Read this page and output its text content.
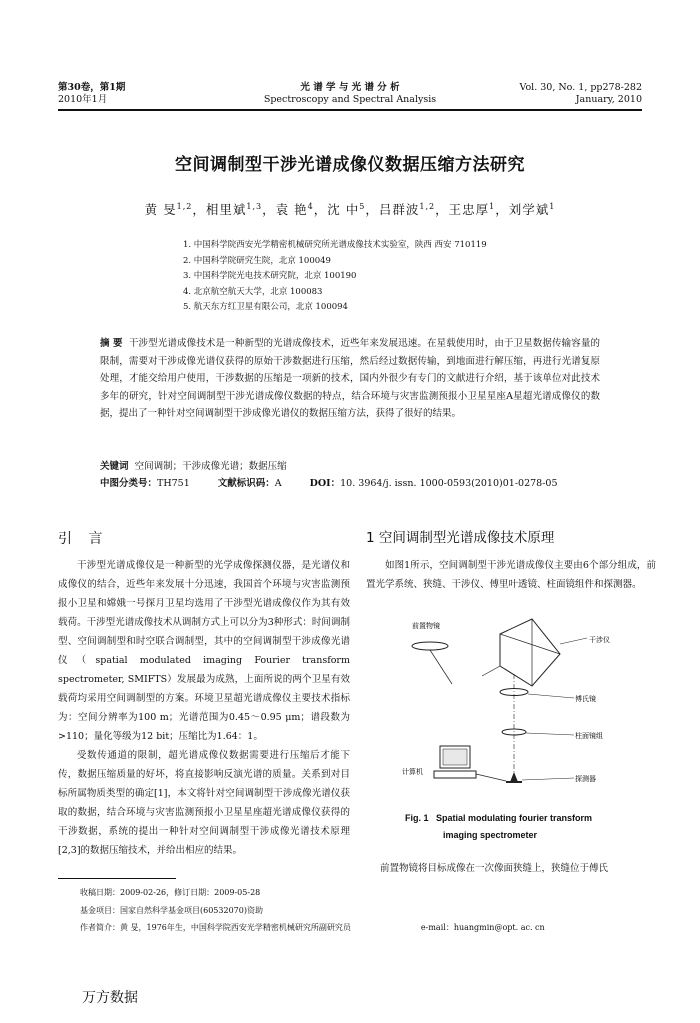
第30卷，第1期
2010年1月
光 谱 学 与 光 谱 分 析
Spectroscopy and Spectral Analysis
Vol. 30, No. 1, pp278-282
January, 2010
空间调制型干涉光谱成像仪数据压缩方法研究
黄 旻$^{1,2}$，相里斌$^{1,3}$，袁 艳$^4$，沈 中$^5$，吕群波$^{1,2}$，王忠厚$^1$，刘学斌$^1$
1. 中国科学院西安光学精密机械研究所光谱成像技术实验室，陕西 西安 710119
2. 中国科学院研究生院，北京 100049
3. 中国科学院光电技术研究院，北京 100190
4. 北京航空航天大学，北京 100083
5. 航天东方红卫星有限公司，北京 100094
摘 要 干涉型光谱成像技术是一种新型的光谱成像技术，近些年来发展迅速。在星载使用时，由于卫星数据传输容量的限制，需要对干涉成像光谱仪获得的原始干涉数据进行压缩，然后经过数据传输，到地面进行解压缩，再进行光谱复原处理，才能交给用户使用，干涉数据的压缩是一项新的技术，国内外很少有专门的文献进行介绍，基于该单位对此技术多年的研究，针对空间调制型干涉光谱成像仪数据的特点，结合环境与灾害监测预报小卫星星座A星超光谱成像仪的数据，提出了一种针对空间调制型干涉成像光谱仪的数据压缩方法，获得了很好的结果。
关键词 空间调制；干涉成像光谱；数据压缩
中图分类号：TH751	文献标识码：A	DOI：10. 3964/j. issn. 1000-0593(2010)01-0278-05
引 言	1 空间调制型光谱成像技术原理

干涉型光谱成像仪是一种新型的光学成像探测仪器，是光谱仪和成像仪的结合，近些年来发展十分迅速，我国首个环境与灾害监测预报小卫星和嫦娥一号探月卫星均选用了干涉型光谱成像仪作为其有效载荷。干涉型光谱成像技术从调制方式上可以分为3种形式：时间调制型、空间调制型和时空联合调制型，其中的空间调制型干涉成像光谱仪（spatial modulated imaging Fourier transform spectrometer, SMIFTS）发展最为成熟，上面所说的两个卫星有效载荷均采用空间调制型的方案。环境卫星超光谱成像仪主要技术指标为：空间分辨率为100 m；光谱范围为0.45～0.95 μm；谱段数为>110；量化等级为12 bit；压缩比为1.64：1。

受数传通道的限制，超光谱成像仪数据需要进行压缩后才能下传，数据压缩质量的好坏，将直接影响反演光谱的质量。关系到对目标所属物质类型的确定[1]，本文将针对空间调制型干涉成像光谱仪获取的数据，结合环境与灾害监测预报小卫星星座超光谱成像仪获得的干涉数据，系统的提出一种针对空间调制型干涉成像光谱技术原理[2,3]的数据压缩技术，并给出相应的结果。

如图1所示，空间调制型干涉光谱成像仪主要由6个部分组成，前置光学系统、狭缝、干涉仪、傅里叶透镜、柱面镜组件和探测器。

前置物镜
干涉仪
傅氏镜
柱面镜组
探测器
计算机
Fig. 1 Spatial modulating fourier transform
imaging spectrometer
前置物镜将目标成像在一次像面狭缝上，狭缝位于傅氏
收稿日期：2009-02-26，修订日期：2009-05-28
基金项目：国家自然科学基金项目(60532070)资助
作者简介：黄 旻，1976年生，中国科学院西安光学精密机械研究所副研究员	e-mail：huangmin@opt. ac. cn
万方数据
